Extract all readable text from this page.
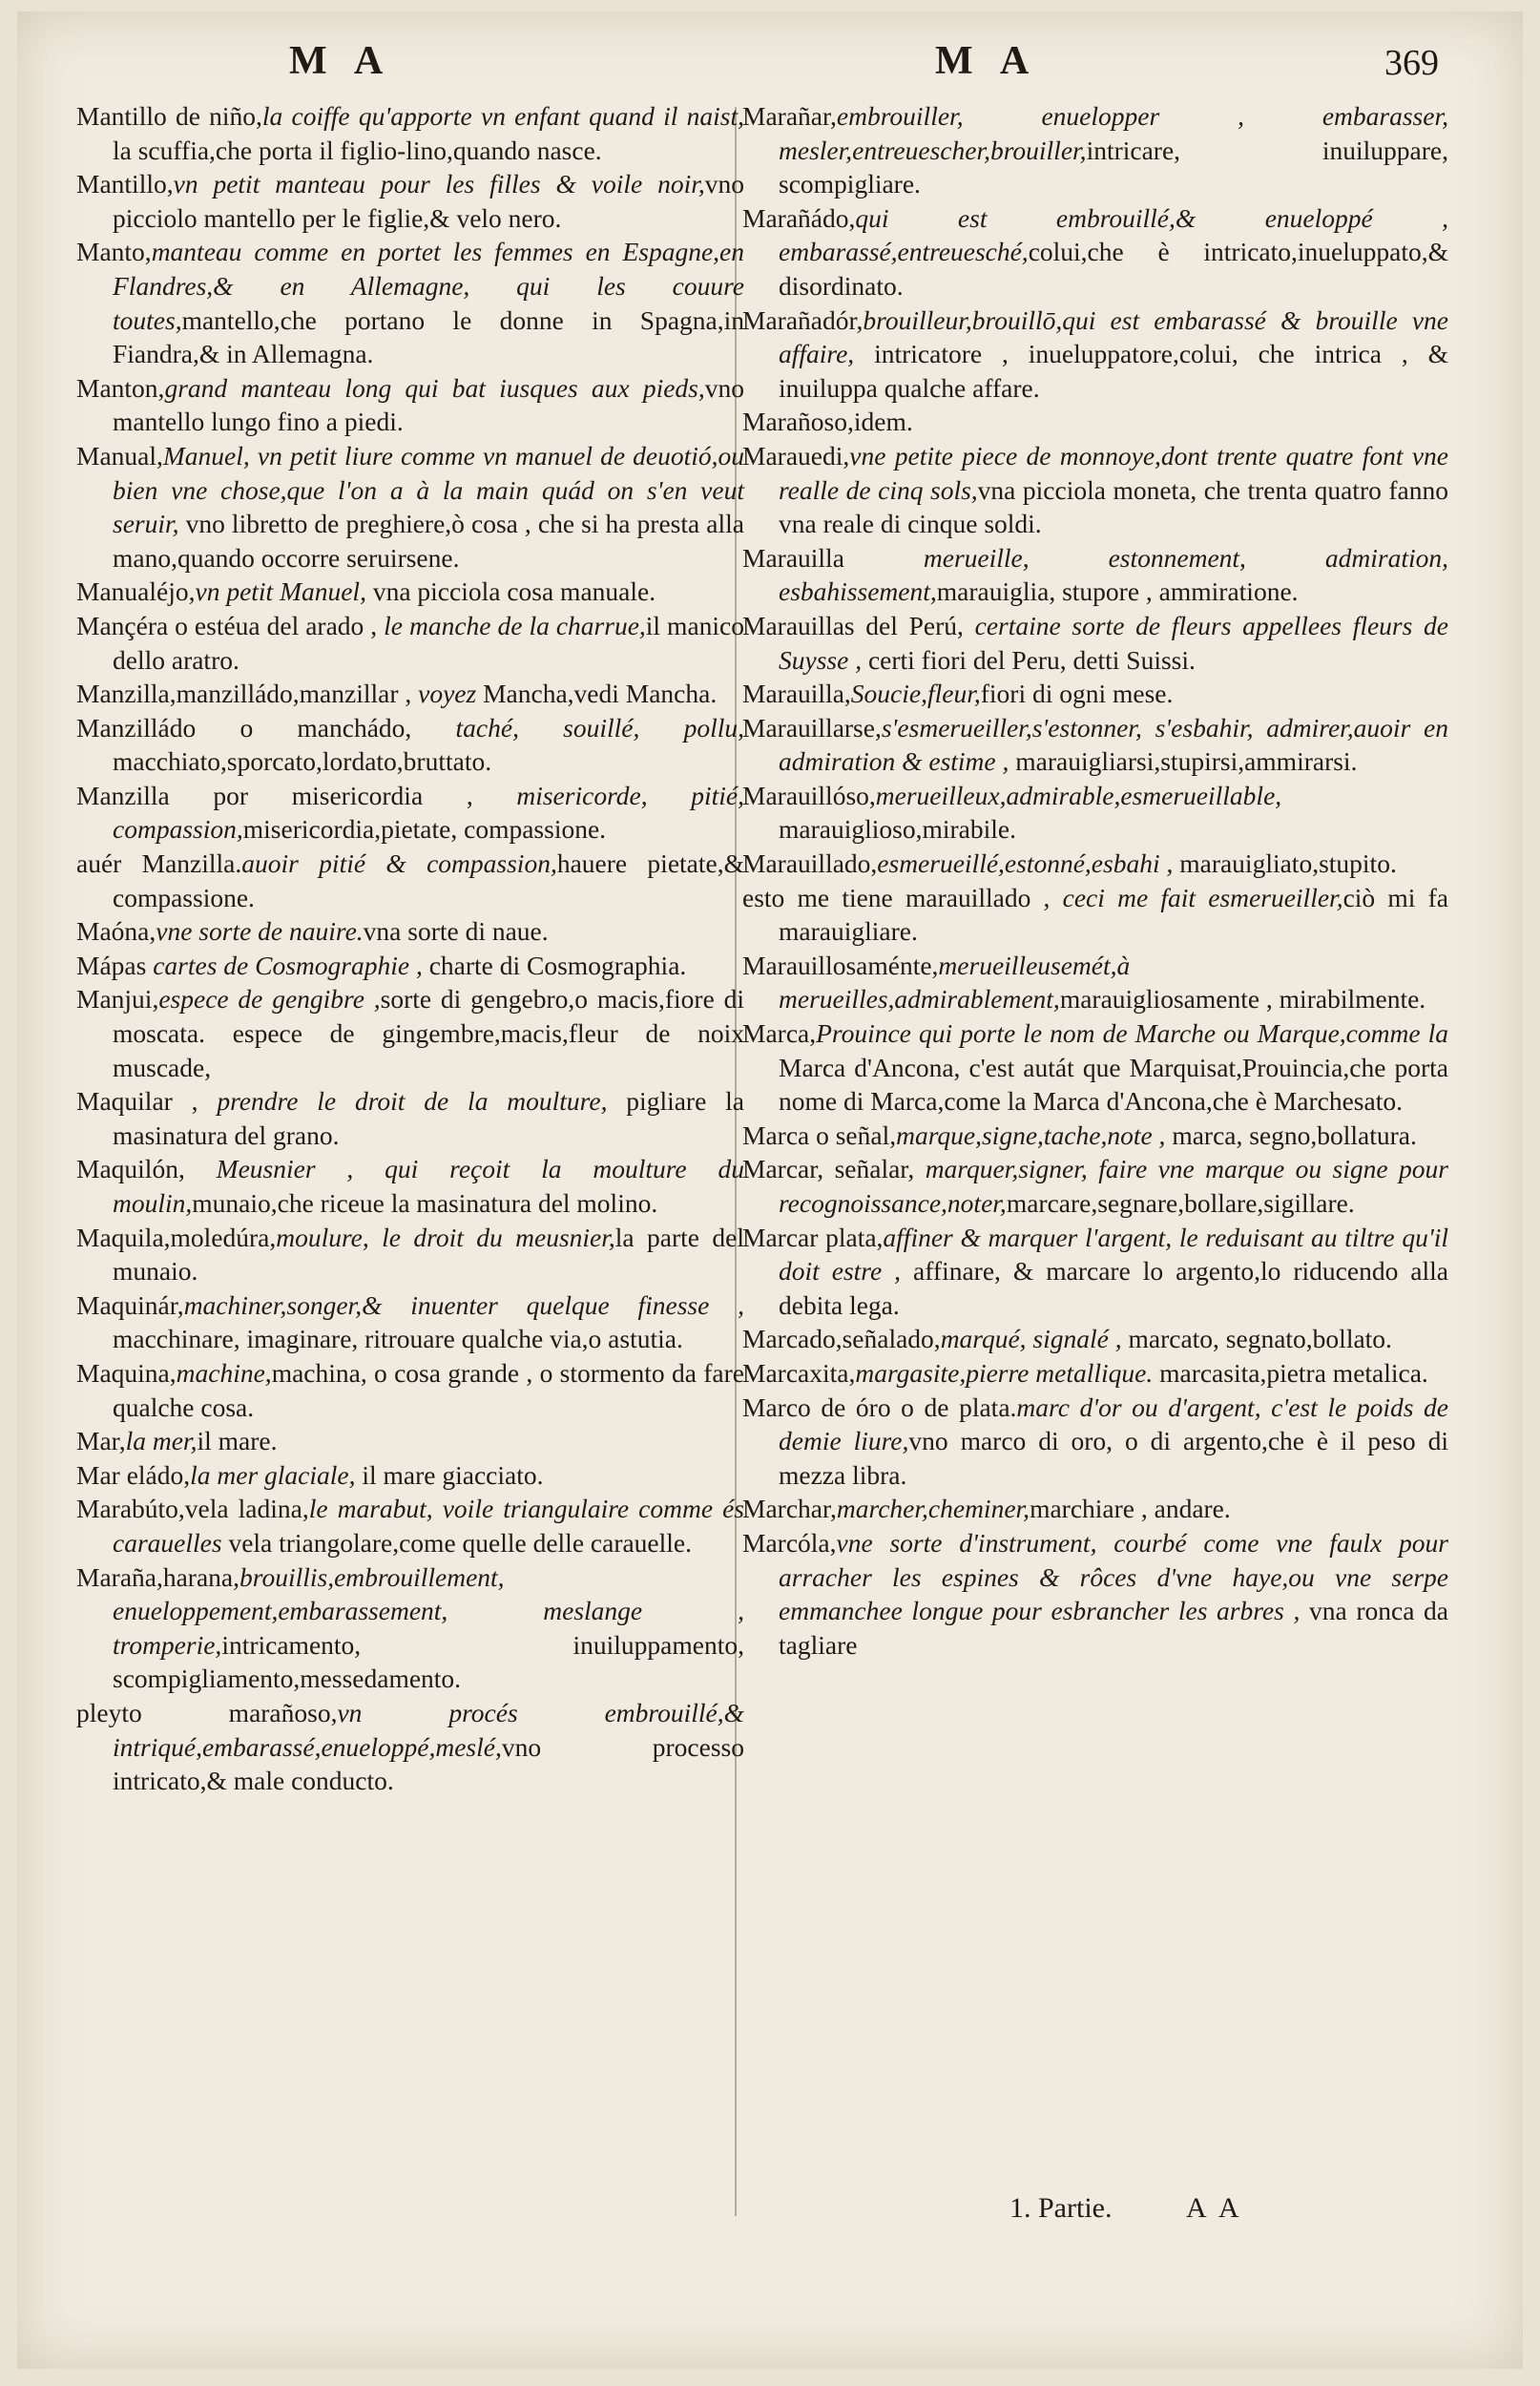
M A	M A	369

Mantillo de niño,la coiffe qu'apporte vn enfant quand il naist, la scuffia,che porta il figlio-lino,quando nasce.

Mantillo,vn petit manteau pour les filles & voile noir,vno picciolo mantello per le figlie,& velo nero.

Manto,manteau comme en portet les femmes en Espagne,en Flandres,& en Allemagne, qui les couure toutes,mantello,che portano le donne in Spagna,in Fiandra,& in Allemagna.

Manton,grand manteau long qui bat iusques aux pieds,vno mantello lungo fino a piedi.

Manual,Manuel, vn petit liure comme vn manuel de deuotió,ou bien vne chose,que l'on a à la main quád on s'en veut seruir, vno libretto de preghiere,ò cosa , che si ha presta alla mano,quando occorre seruirsene.

Manualéjo,vn petit Manuel, vna picciola cosa manuale.

Mançéra o estéua del arado , le manche de la charrue,il manico dello aratro.

Manzilla,manzilládo,manzillar , voyez Mancha,vedi Mancha.

Manzilládo o manchádo, taché, souillé, pollu, macchiato,sporcato,lordato,bruttato.

Manzilla por misericordia , misericorde, pitié, compassion,misericordia,pietate, compassione.

auér Manzilla.auoir pitié & compassion,hauere pietate,& compassione.

Maóna,vne sorte de nauire.vna sorte di naue.

Mápas cartes de Cosmographie , charte di Cosmographia.

Manjui,espece de gengibre ,sorte di gengebro,o macis,fiore di moscata. espece de gingembre,macis,fleur de noix muscade,

Maquilar , prendre le droit de la moulture, pigliare la masinatura del grano.

Maquilón, Meusnier , qui reçoit la moulture du moulin,munaio,che riceue la masinatura del molino.

Maquila,moledúra,moulure, le droit du meusnier,la parte del munaio.

Maquinár,machiner,songer,& inuenter quelque finesse , macchinare, imaginare, ritrouare qualche via,o astutia.

Maquina,machine,machina, o cosa grande , o stormento da fare qualche cosa.

Mar,la mer,il mare.

Mar eládo,la mer glaciale, il mare giacciato.

Marabúto,vela ladina,le marabut, voile triangulaire comme és carauelles vela triangolare,come quelle delle carauelle.

Maraña,harana,brouillis,embrouillement, enueloppement,embarassement, meslange , tromperie,intricamento, inuiluppamento, scompigliamento,messedamento.

pleyto marañoso,vn procés embrouillé,& intriqué,embarassé,enueloppé,meslé,vno processo intricato,& male conducto.

Marañar,embrouiller, enuelopper , embarasser, mesler,entreuescher,brouiller,intricare, inuiluppare, scompigliare.

Marañádo,qui est embrouillé,& enueloppé , embarassé,entreuesché,colui,che è intricato,inueluppato,& disordinato.

Marañadór,brouilleur,brouillō,qui est embarassé & brouille vne affaire, intricatore , inueluppatore,colui, che intrica , & inuiluppa qualche affare.

Marañoso,idem.

Marauedi,vne petite piece de monnoye,dont trente quatre font vne realle de cinq sols,vna picciola moneta, che trenta quatro fanno vna reale di cinque soldi.

Marauilla merueille, estonnement, admiration, esbahissement,marauiglia, stupore , ammiratione.

Marauillas del Perú, certaine sorte de fleurs appellees fleurs de Suysse , certi fiori del Peru, detti Suissi.

Marauilla,Soucie,fleur,fiori di ogni mese.

Marauillarse,s'esmerueiller,s'estonner, s'esbahir, admirer,auoir en admiration & estime , marauigliarsi,stupirsi,ammirarsi.

Marauillóso,merueilleux,admirable,esmerueillable, marauiglioso,mirabile.

Marauillado,esmerueillé,estonné,esbahi , marauigliato,stupito.

esto me tiene marauillado , ceci me fait esmerueiller,ciò mi fa marauigliare.

Marauillosaménte,merueilleusemét,à merueilles,admirablement,marauigliosamente , mirabilmente.

Marca,Prouince qui porte le nom de Marche ou Marque,comme la Marca d'Ancona, c'est autát que Marquisat,Prouincia,che porta nome di Marca,come la Marca d'Ancona,che è Marchesato.

Marca o señal,marque,signe,tache,note , marca, segno,bollatura.

Marcar, señalar, marquer,signer, faire vne marque ou signe pour recognoissance,noter,marcare,segnare,bollare,sigillare.

Marcar plata,affiner & marquer l'argent, le reduisant au tiltre qu'il doit estre , affinare, & marcare lo argento,lo riducendo alla debita lega.

Marcado,señalado,marqué, signalé , marcato, segnato,bollato.

Marcaxita,margasite,pierre metallique. marcasita,pietra metalica.

Marco de óro o de plata.marc d'or ou d'argent, c'est le poids de demie liure,vno marco di oro, o di argento,che è il peso di mezza libra.

Marchar,marcher,cheminer,marchiare , andare.

Marcóla,vne sorte d'instrument, courbé come vne faulx pour arracher les espines & rôces d'vne haye,ou vne serpe emmanchee longue pour esbrancher les arbres , vna ronca da tagliare

1. Partie.	A A
